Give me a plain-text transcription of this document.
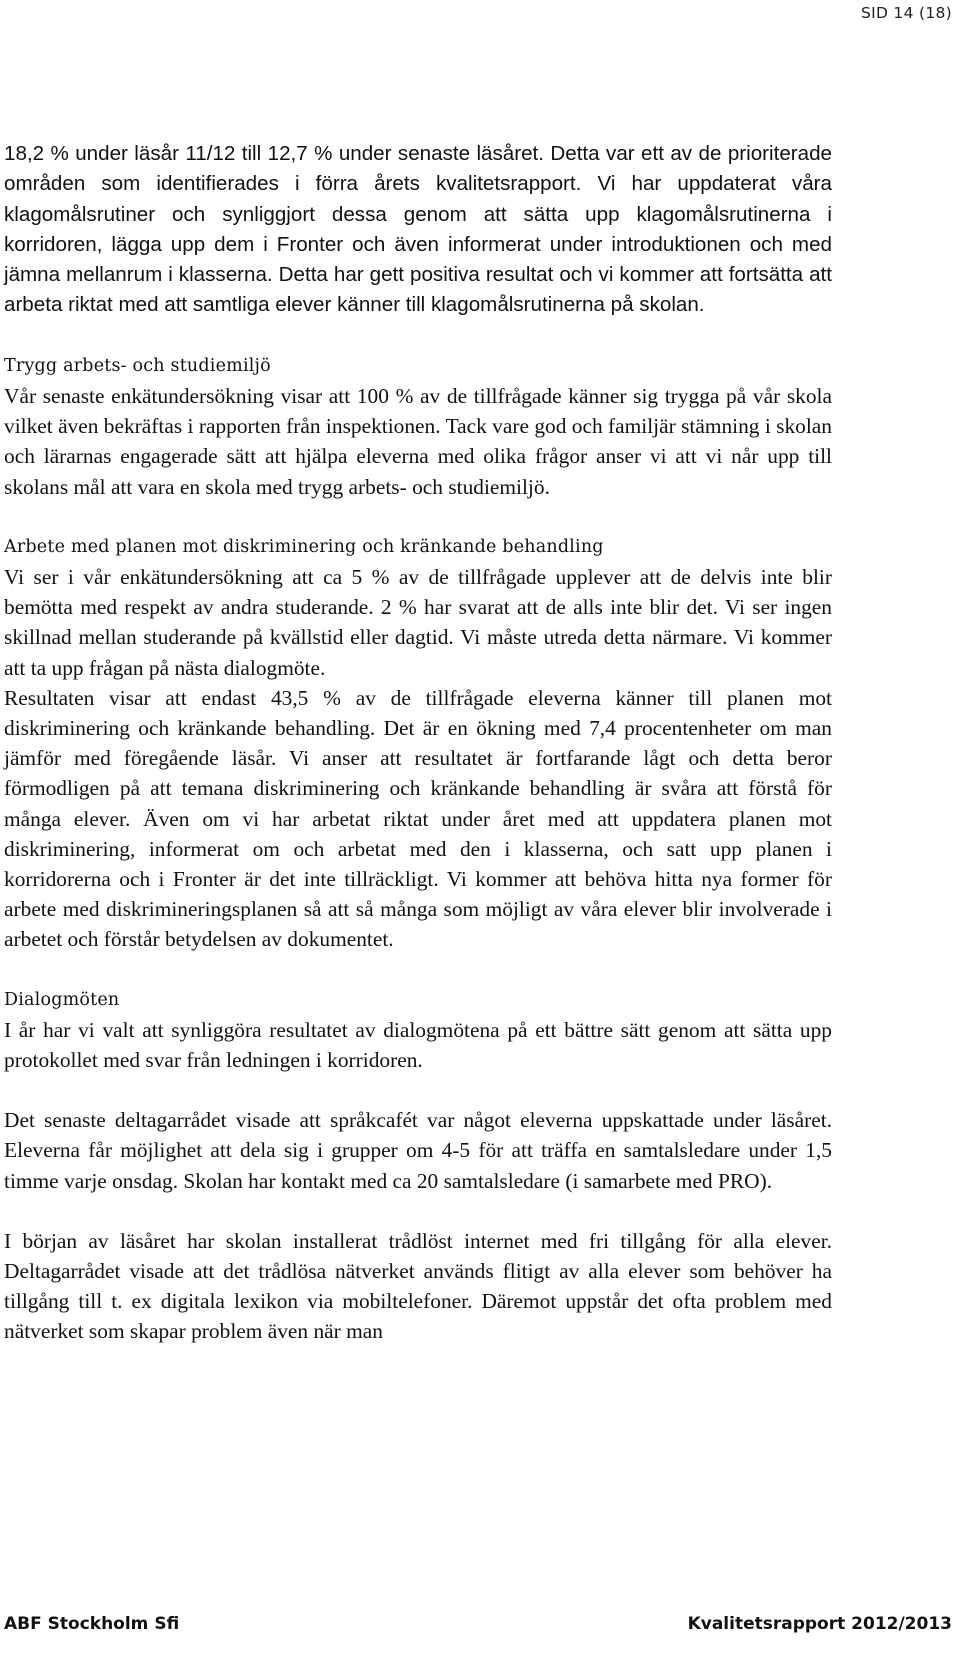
SID 14 (18)

18,2 % under läsår 11/12 till 12,7 % under senaste läsåret. Detta var ett av de prioriterade områden som identifierades i förra årets kvalitetsrapport. Vi har uppdaterat våra klagomålsrutiner och synliggjort dessa genom att sätta upp klagomålsrutinerna i korridoren, lägga upp dem i Fronter och även informerat under introduktionen och med jämna mellanrum i klasserna. Detta har gett positiva resultat och vi kommer att fortsätta att arbeta riktat med att samtliga elever känner till klagomålsrutinerna på skolan.

Trygg arbets- och studiemiljö

Vår senaste enkätundersökning visar att 100 % av de tillfrågade känner sig trygga på vår skola vilket även bekräftas i rapporten från inspektionen. Tack vare god och familjär stämning i skolan och lärarnas engagerade sätt att hjälpa eleverna med olika frågor anser vi att vi når upp till skolans mål att vara en skola med trygg arbets- och studiemiljö.

Arbete med planen mot diskriminering och kränkande behandling

Vi ser i vår enkätundersökning att ca 5 % av de tillfrågade upplever att de delvis inte blir bemötta med respekt av andra studerande. 2 % har svarat att de alls inte blir det. Vi ser ingen skillnad mellan studerande på kvällstid eller dagtid. Vi måste utreda detta närmare. Vi kommer att ta upp frågan på nästa dialogmöte.

Resultaten visar att endast 43,5 % av de tillfrågade eleverna känner till planen mot diskriminering och kränkande behandling. Det är en ökning med 7,4 procentenheter om man jämför med föregående läsår. Vi anser att resultatet är fortfarande lågt och detta beror förmodligen på att temana diskriminering och kränkande behandling är svåra att förstå för många elever. Även om vi har arbetat riktat under året med att uppdatera planen mot diskriminering, informerat om och arbetat med den i klasserna, och satt upp planen i korridorerna och i Fronter är det inte tillräckligt. Vi kommer att behöva hitta nya former för arbete med diskrimineringsplanen så att så många som möjligt av våra elever blir involverade i arbetet och förstår betydelsen av dokumentet.

Dialogmöten

I år har vi valt att synliggöra resultatet av dialogmötena på ett bättre sätt genom att sätta upp protokollet med svar från ledningen i korridoren.

Det senaste deltagarrådet visade att språkcafét var något eleverna uppskattade under läsåret. Eleverna får möjlighet att dela sig i grupper om 4-5 för att träffa en samtalsledare under 1,5 timme varje onsdag. Skolan har kontakt med ca 20 samtalsledare (i samarbete med PRO).

I början av läsåret har skolan installerat trådlöst internet med fri tillgång för alla elever. Deltagarrådet visade att det trådlösa nätverket används flitigt av alla elever som behöver ha tillgång till t. ex digitala lexikon via mobiltelefoner. Däremot uppstår det ofta problem med nätverket som skapar problem även när man

ABF Stockholm Sfi	Kvalitetsrapport 2012/2013
